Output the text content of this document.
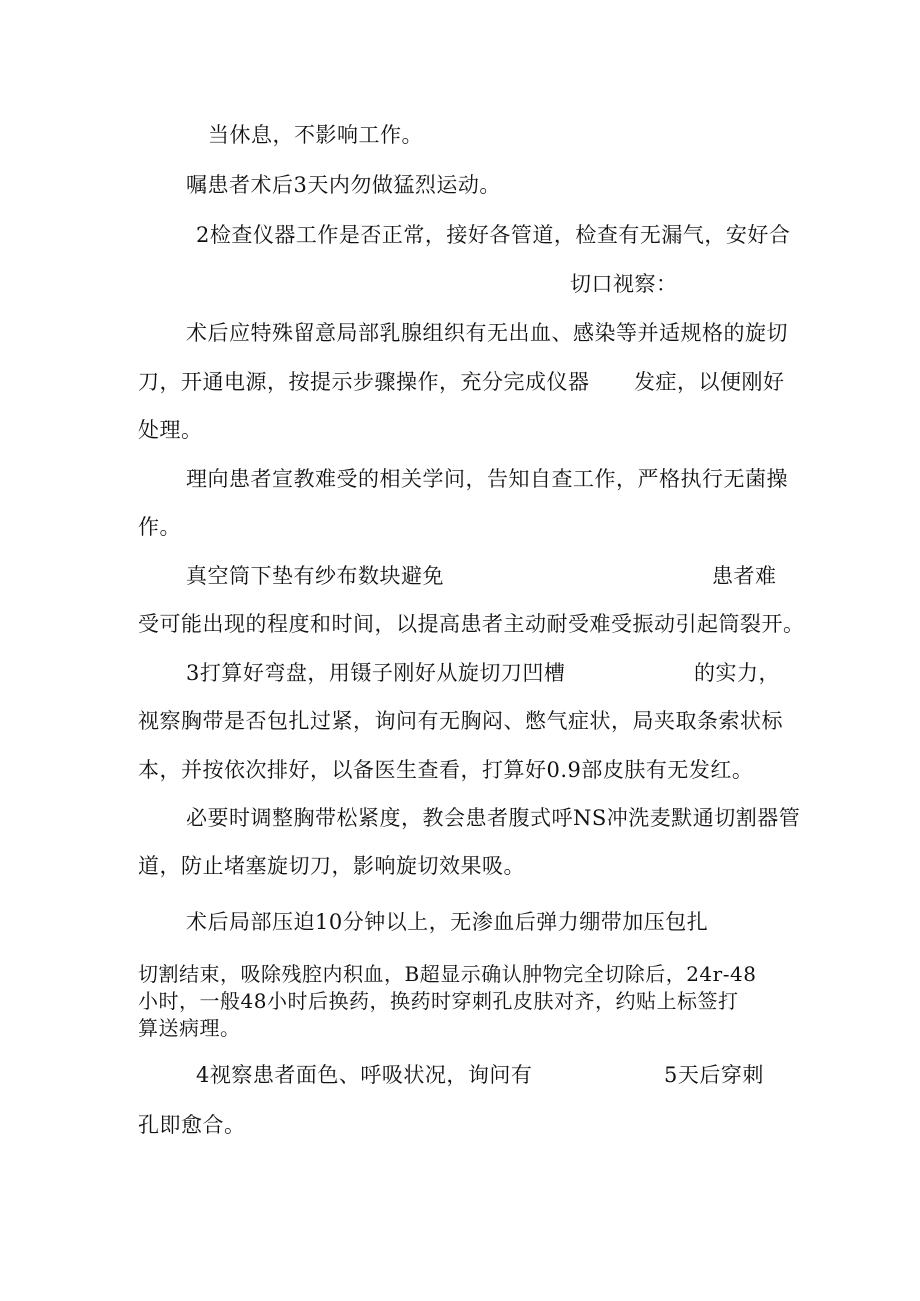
当休息，不影响工作。
嘱患者术后3天内勿做猛烈运动。
2检查仪器工作是否正常，接好各管道，检查有无漏气，安好合
切口视察：
术后应特殊留意局部乳腺组织有无出血、感染等并适规格的旋切
刀，开通电源，按提示步骤操作，充分完成仪器 发症，以便刚好
处理。
理向患者宣教难受的相关学问，告知自查工作，严格执行无菌操
作。
真空筒下垫有纱布数块避免	患者难
受可能出现的程度和时间，以提高患者主动耐受难受振动引起筒裂开。
3打算好弯盘，用镊子刚好从旋切刀凹槽	的实力，
视察胸带是否包扎过紧，询问有无胸闷、憋气症状，局夹取条索状标
本，并按依次排好，以备医生查看，打算好0.9部皮肤有无发红。
必要时调整胸带松紧度，教会患者腹式呼NS冲洗麦默通切割器管
道，防止堵塞旋切刀，影响旋切效果吸。
术后局部压迫10分钟以上，无渗血后弹力绷带加压包扎
切割结束，吸除残腔内积血，B超显示确认肿物完全切除后，24r-48
小时，一般48小时后换药，换药时穿刺孔皮肤对齐，约贴上标签打
算送病理。
4视察患者面色、呼吸状况，询问有	5天后穿刺
孔即愈合。
